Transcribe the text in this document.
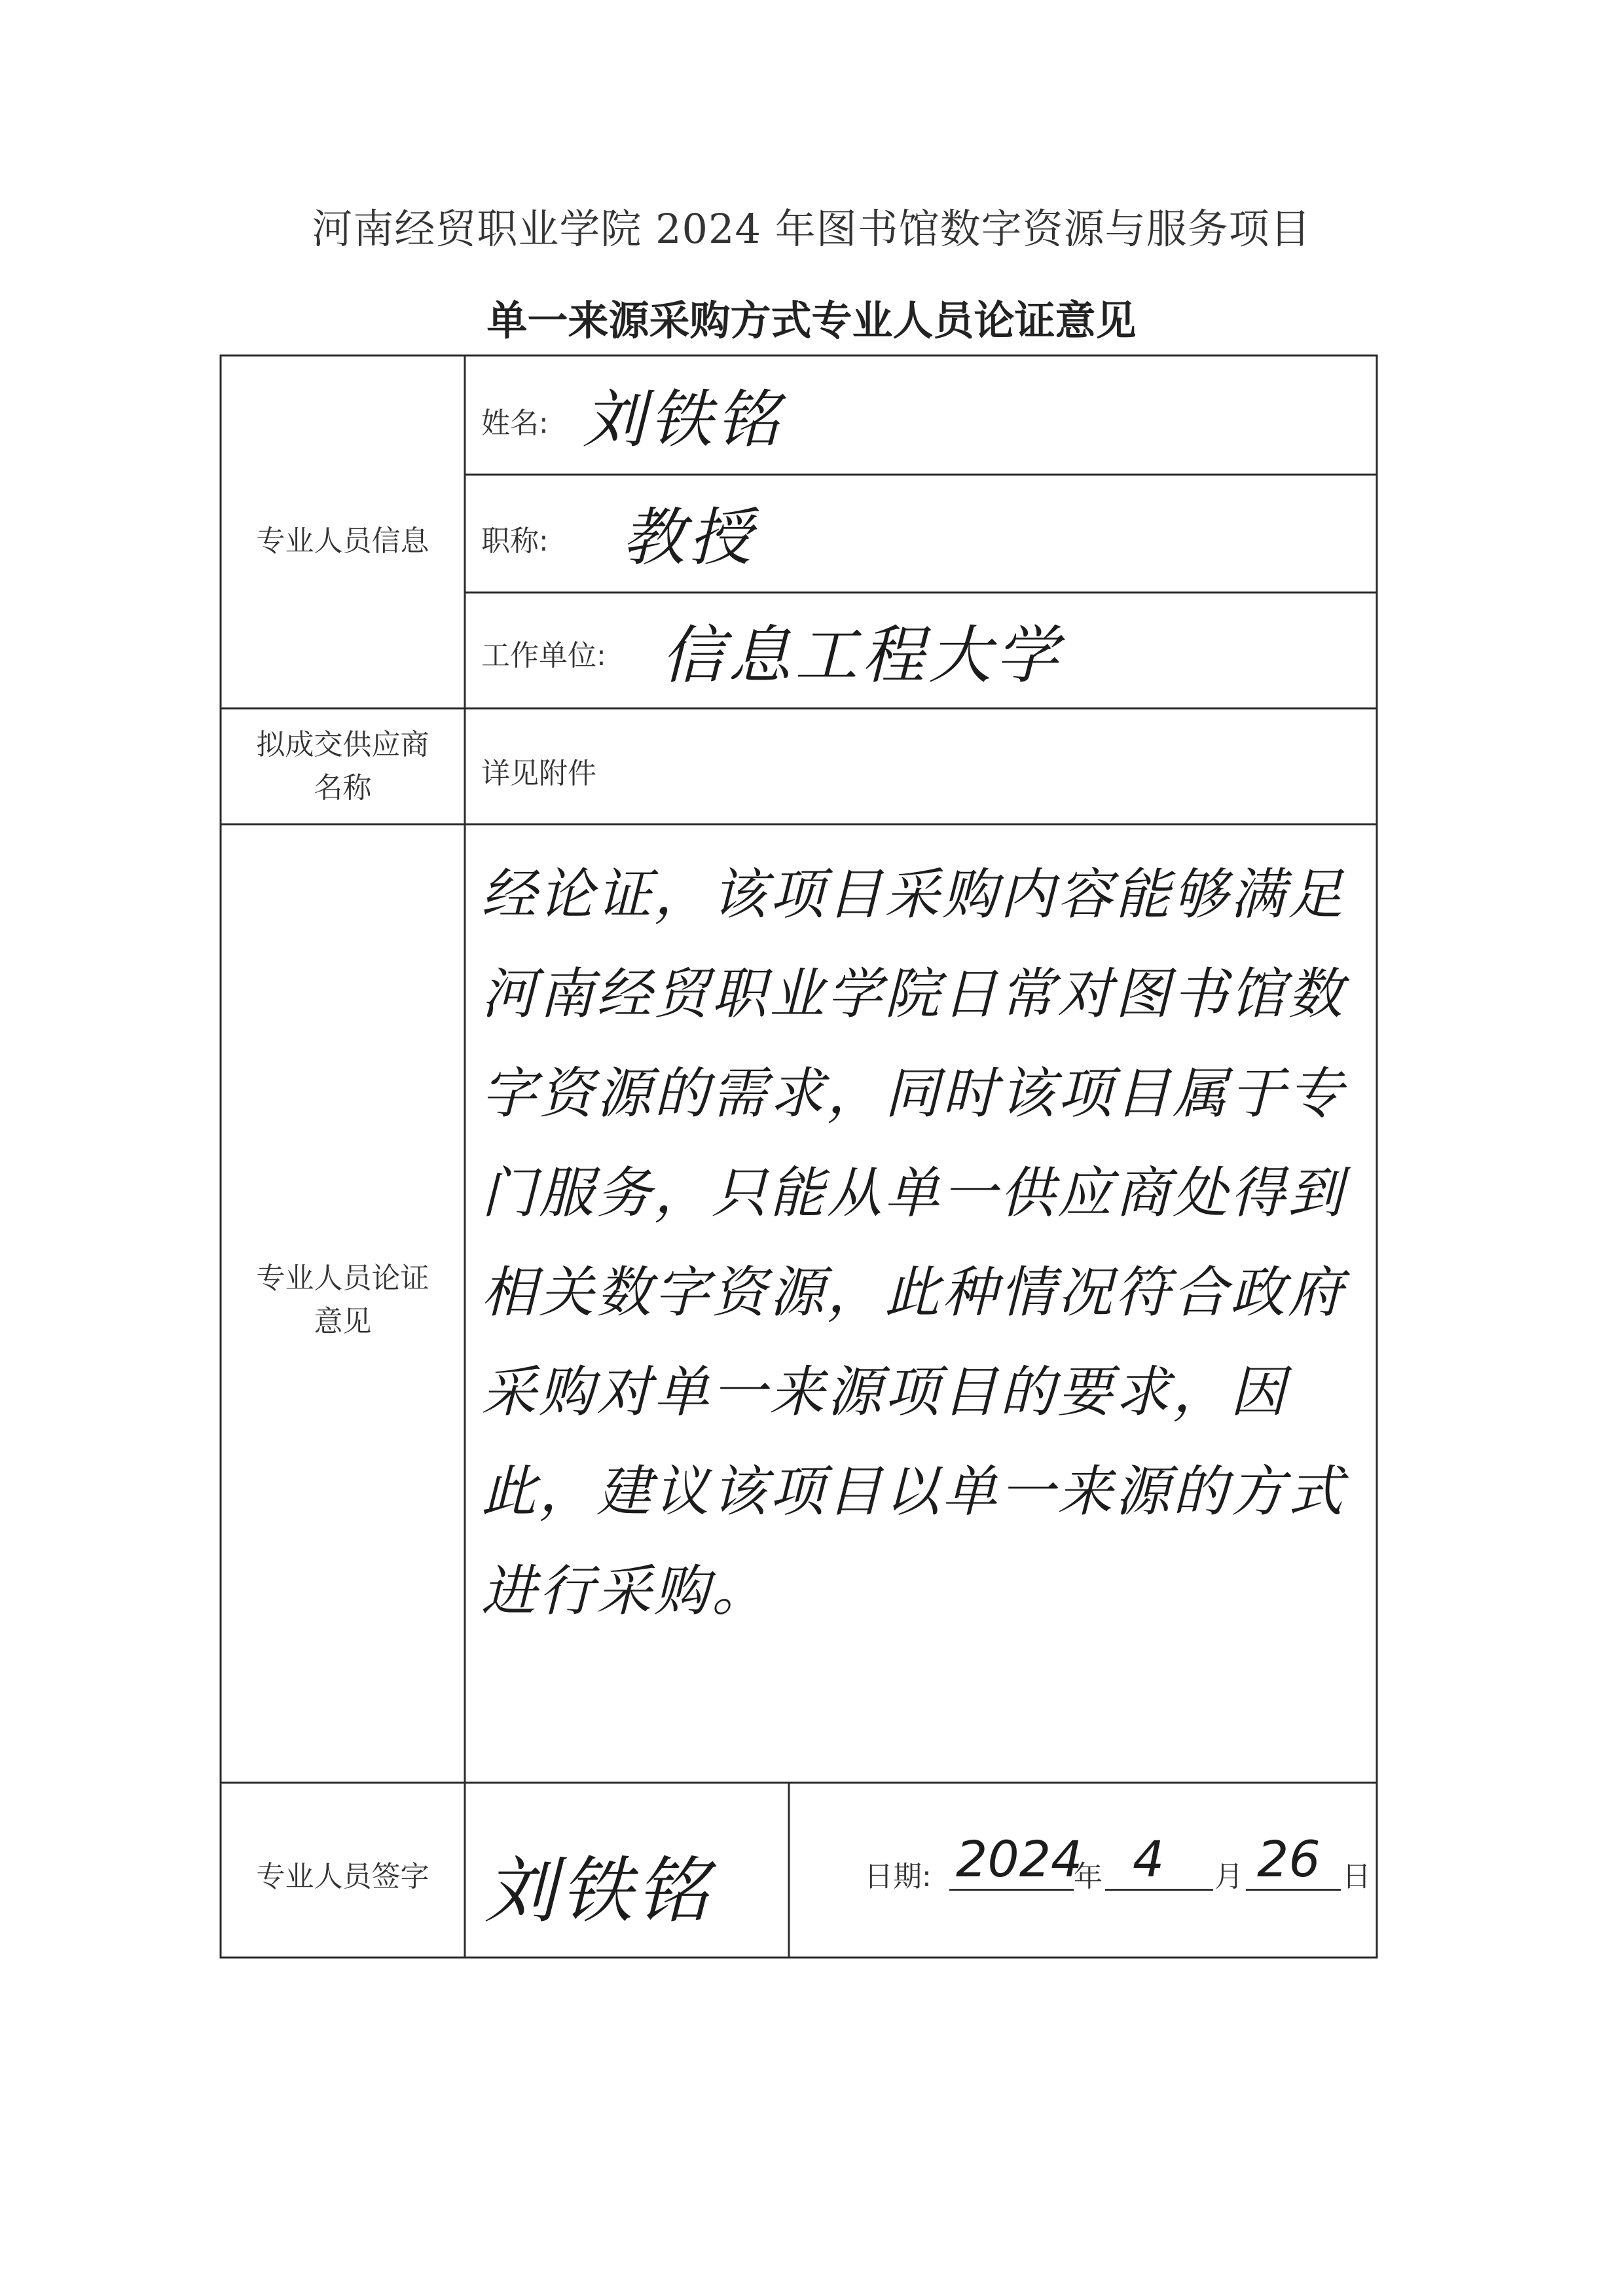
河南经贸职业学院 2024 年图书馆数字资源与服务项目
单一来源采购方式专业人员论证意见
专业人员信息
姓名: 刘铁铭
职称: 教授
工作单位: 信息工程大学
拟成交供应商
名称	详见附件
专业人员论证
意见
经论证，该项目采购内容能够满足河南经贸职业学院日常对图书馆数字资源的需求，同时该项目属于专门服务，只能从单一供应商处得到相关数字资源，此种情况符合政府采购对单一来源项目的要求，因此，建议该项目以单一来源的方式进行采购。
专业人员签字 刘铁铭	日期: 2024
年 4 月 26 日
